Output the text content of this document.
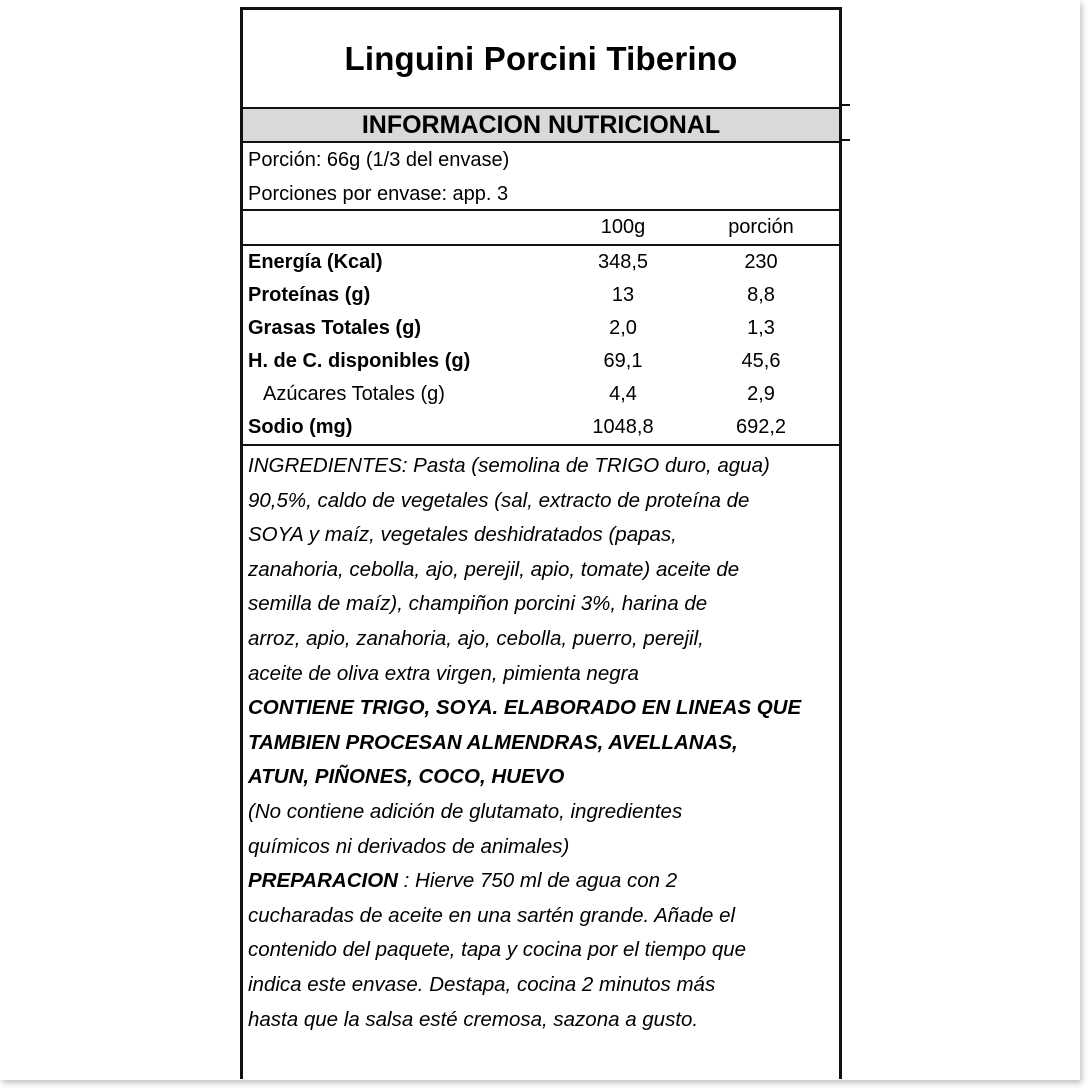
Linguini Porcini Tiberino
INFORMACION NUTRICIONAL
Porción: 66g (1/3 del envase)
Porciones por envase: app. 3
	100g	porción
Energía (Kcal)	348,5	230
Proteínas (g)	13	8,8
Grasas Totales (g)	2,0	1,3
H. de C. disponibles (g)	69,1	45,6
Azúcares Totales (g)	4,4	2,9
Sodio (mg)	1048,8	692,2
INGREDIENTES: Pasta (semolina de TRIGO duro, agua)
90,5%, caldo de vegetales (sal, extracto de proteína de
SOYA y maíz, vegetales deshidratados (papas,
zanahoria, cebolla, ajo, perejil, apio, tomate) aceite de
semilla de maíz), champiñon porcini 3%, harina de
arroz, apio, zanahoria, ajo, cebolla, puerro, perejil,
aceite de oliva extra virgen, pimienta negra
CONTIENE TRIGO, SOYA. ELABORADO EN LINEAS QUE
TAMBIEN PROCESAN ALMENDRAS, AVELLANAS,
ATUN, PIÑONES, COCO, HUEVO
(No contiene adición de glutamato, ingredientes
químicos ni derivados de animales)
PREPARACION : Hierve 750 ml de agua con 2
cucharadas de aceite en una sartén grande. Añade el
contenido del paquete, tapa y cocina por el tiempo que
indica este envase. Destapa, cocina 2 minutos más
hasta que la salsa esté cremosa, sazona a gusto.
